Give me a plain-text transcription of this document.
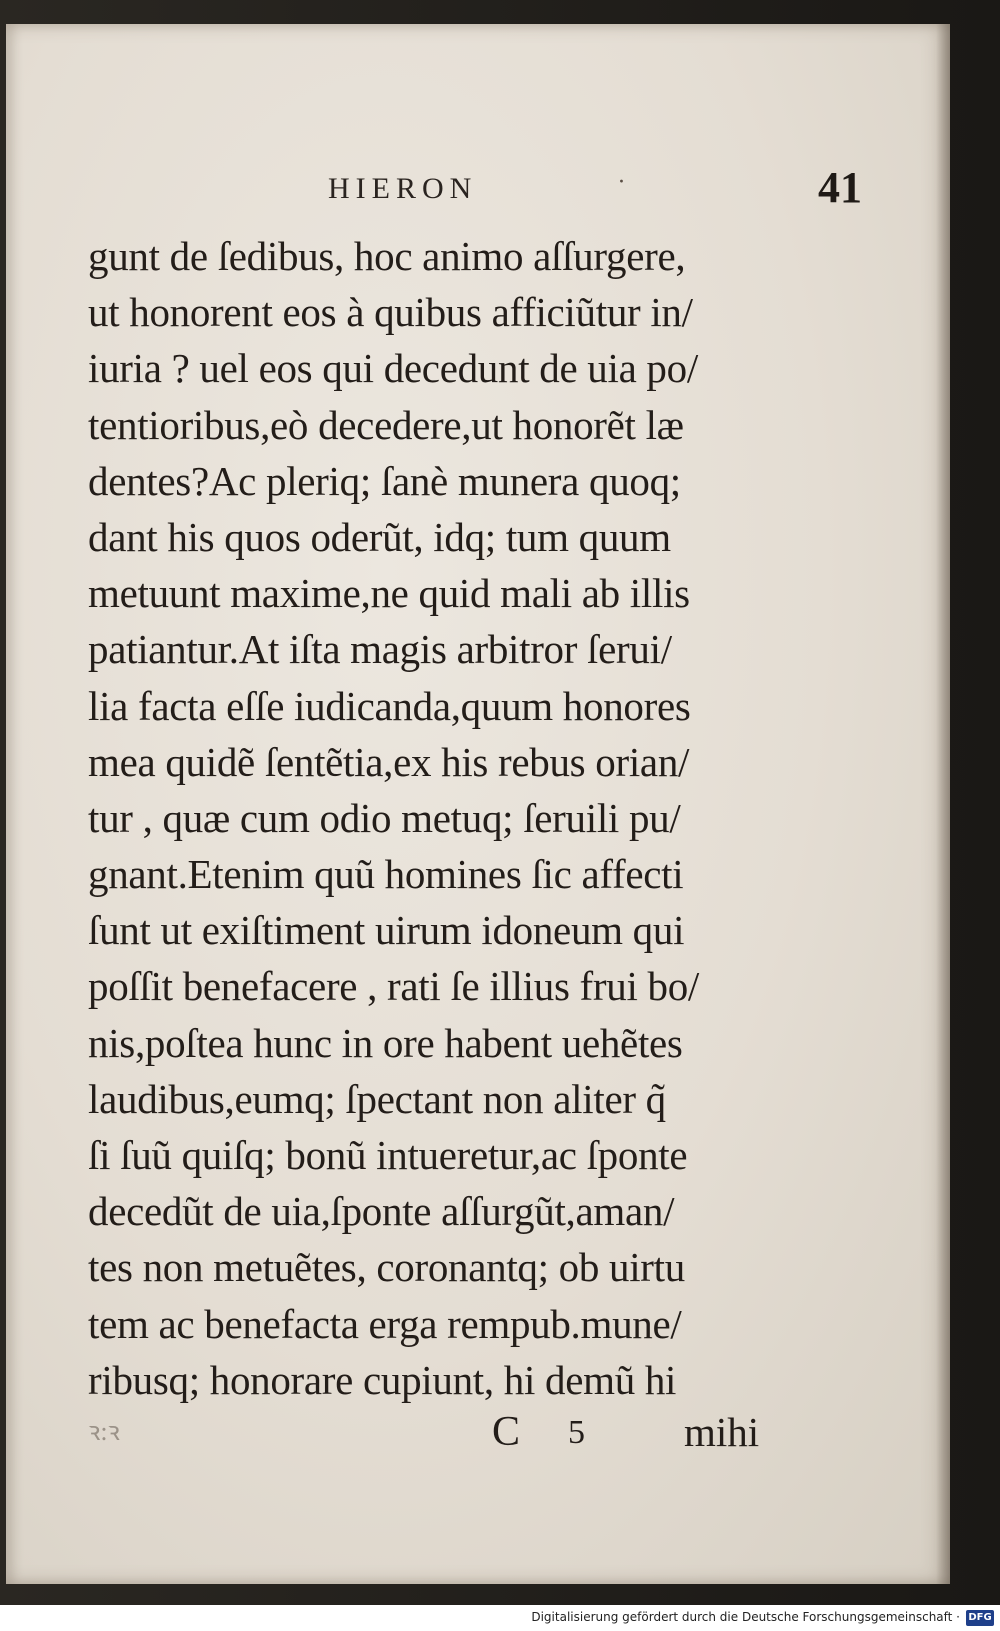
HIERON	·	41
gunt de ſedibus, hoc animo aſſurgere,
ut honorent eos à quibus afficiũtur in/
iuria ? uel eos qui decedunt de uia po/
tentioribus,eò decedere,ut honorẽt læ
dentes?Ac pleriq; ſanè munera quoq;
dant his quos oderũt, idq; tum quum
metuunt maxime,ne quid mali ab illis
patiantur.At iſta magis arbitror ſerui/
lia facta eſſe iudicanda,quum honores
mea quidẽ ſentẽtia,ex his rebus orian/
tur , quæ cum odio metuq; ſeruili pu/
gnant.Etenim quũ homines ſic affecti
ſunt ut exiſtiment uirum idoneum qui
poſſit benefacere , rati ſe illius frui bo/
nis,poſtea hunc in ore habent uehẽtes
laudibus,eumq; ſpectant non aliter q̃
ſi ſuũ quiſq; bonũ intueretur,ac ſponte
decedũt de uia,ſponte aſſurgũt,aman/
tes non metuẽtes, coronantq; ob uirtu
tem ac benefacta erga rempub.mune/
ribusq; honorare cupiunt, hi demũ hi
ꝛ:ꝛ	C 5 mihi
Digitalisierung gefördert durch die Deutsche Forschungsgemeinschaft · DFG
